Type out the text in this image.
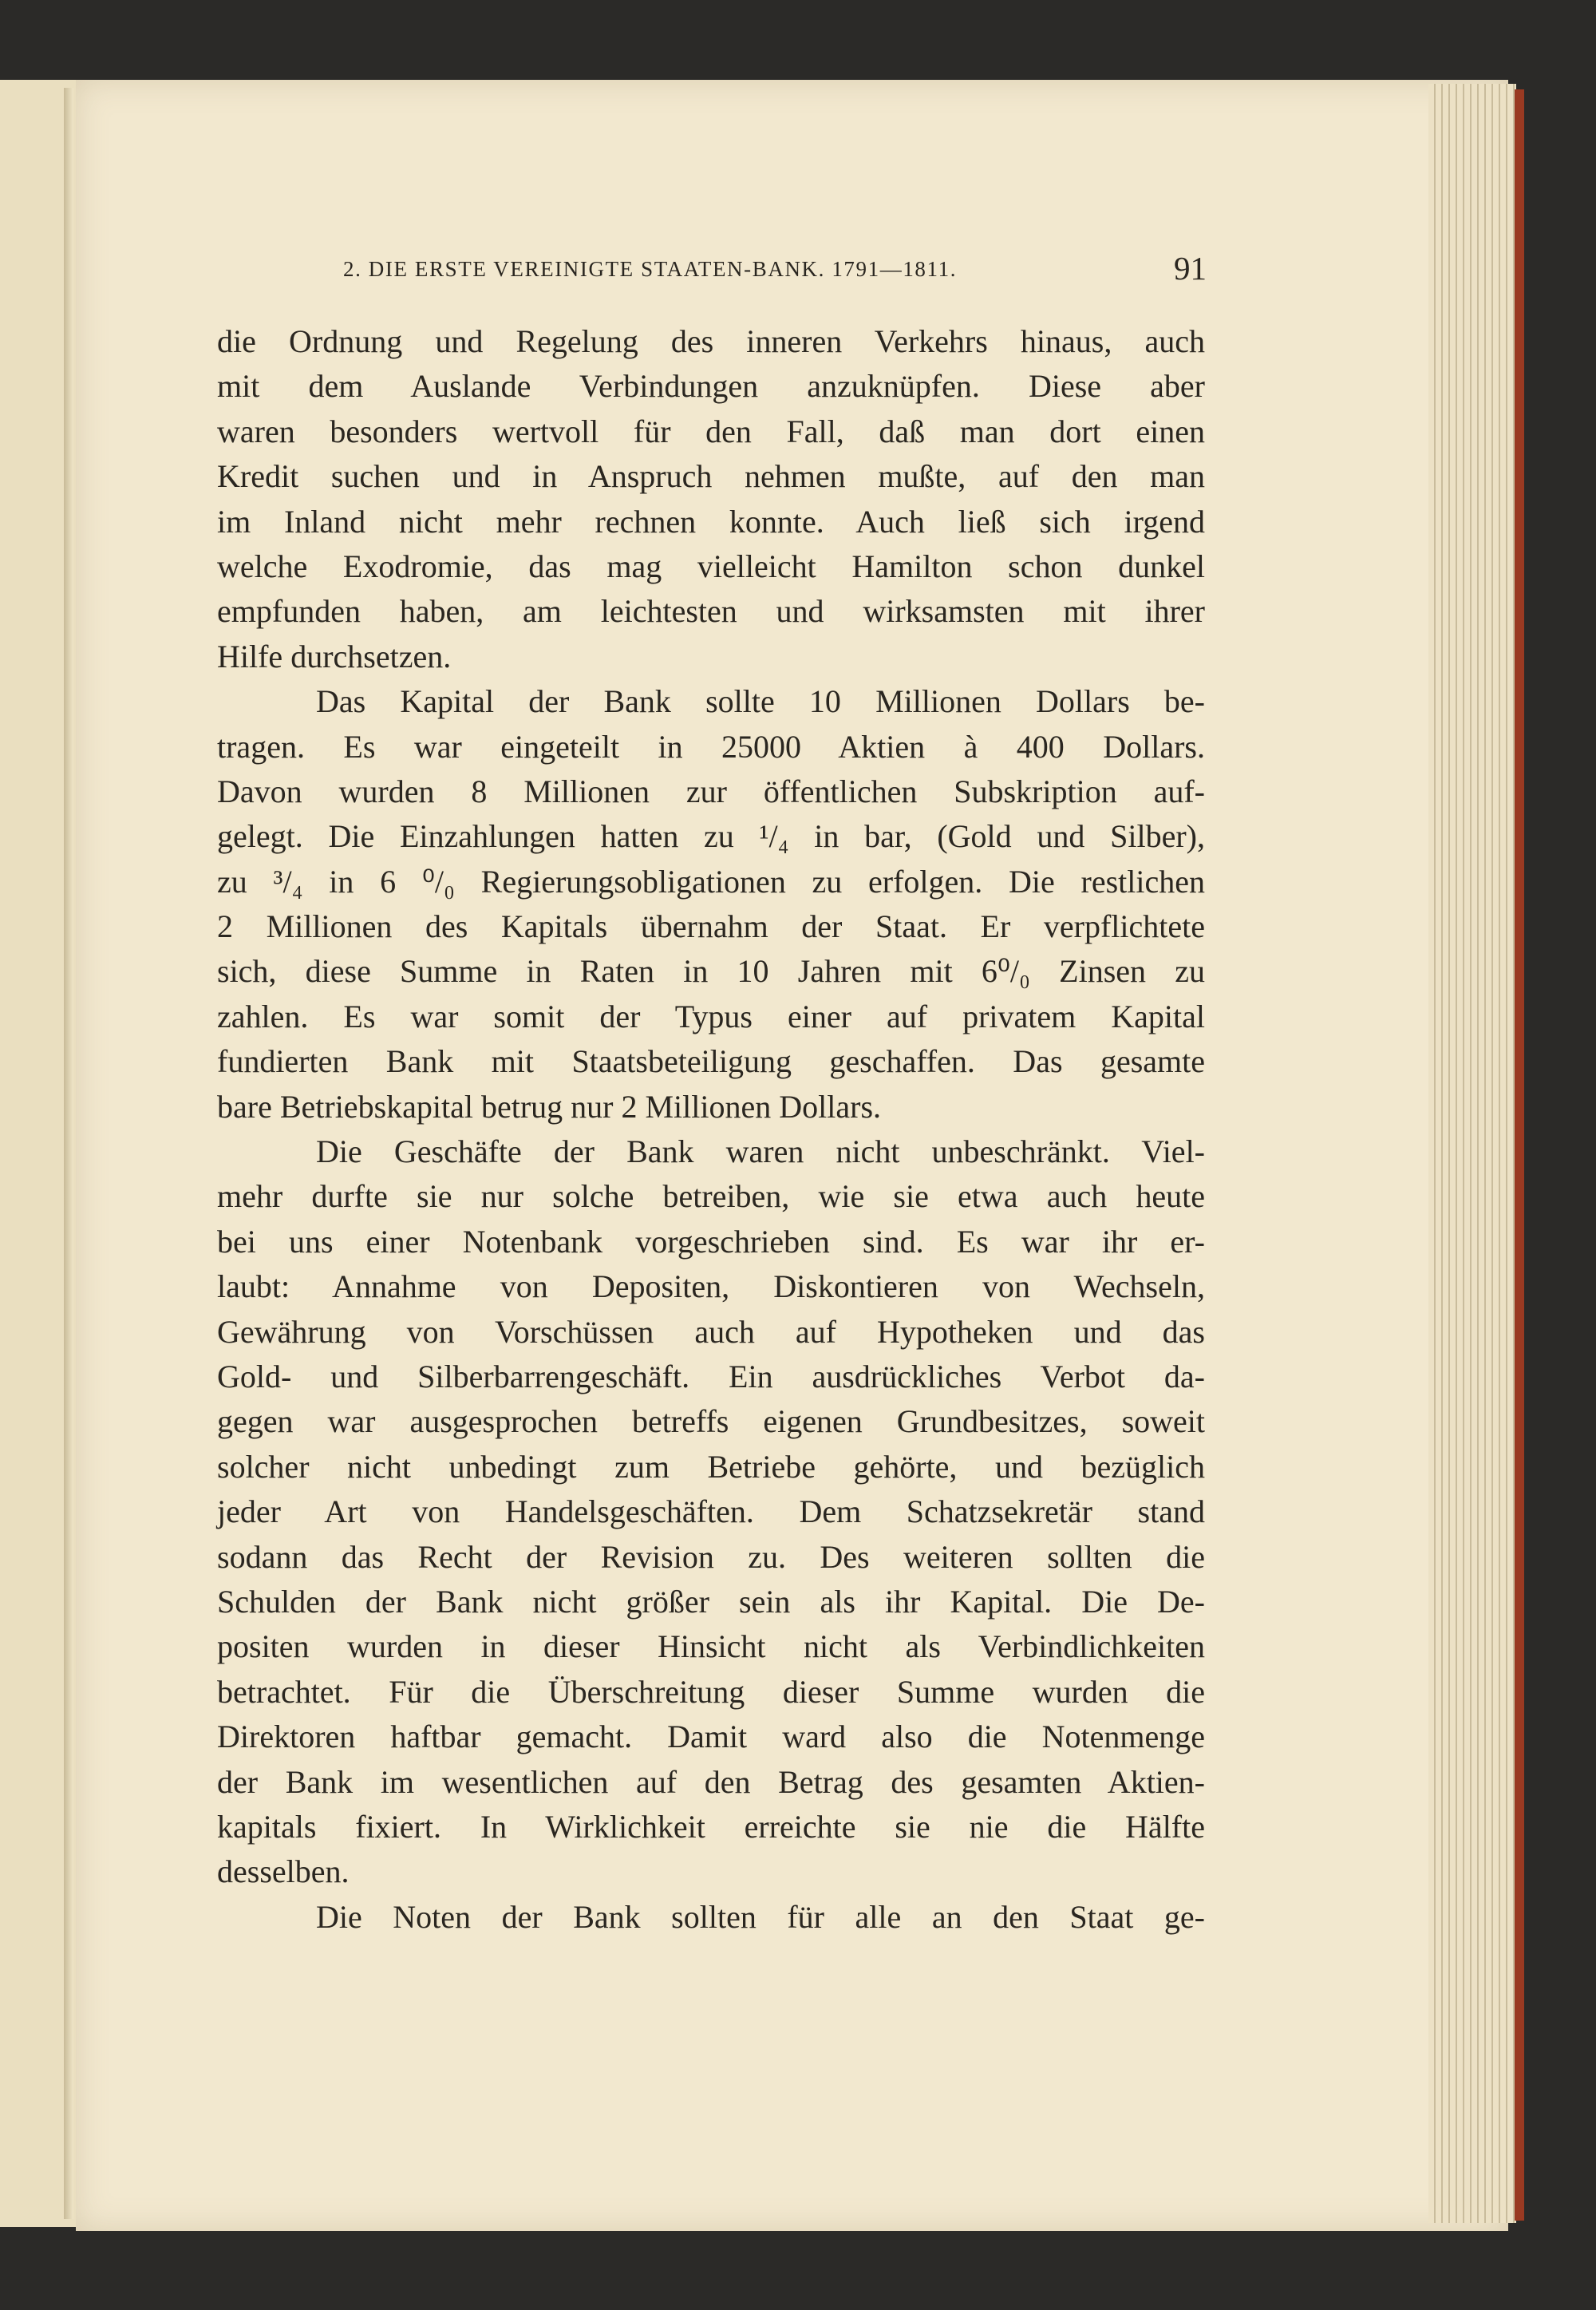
2. DIE ERSTE VEREINIGTE STAATEN-BANK. 1791—1811.	91
die Ordnung und Regelung des inneren Verkehrs hinaus, auch
mit dem Auslande Verbindungen anzuknüpfen. Diese aber
waren besonders wertvoll für den Fall, daß man dort einen
Kredit suchen und in Anspruch nehmen mußte, auf den man
im Inland nicht mehr rechnen konnte. Auch ließ sich irgend
welche Exodromie, das mag vielleicht Hamilton schon dunkel
empfunden haben, am leichtesten und wirksamsten mit ihrer
Hilfe durchsetzen.
Das Kapital der Bank sollte 10 Millionen Dollars be-
tragen. Es war eingeteilt in 25000 Aktien à 400 Dollars.
Davon wurden 8 Millionen zur öffentlichen Subskription auf-
gelegt. Die Einzahlungen hatten zu ¹/₄ in bar, (Gold und Silber),
zu ³/₄ in 6 ⁰/₀ Regierungsobligationen zu erfolgen. Die restlichen
2 Millionen des Kapitals übernahm der Staat. Er verpflichtete
sich, diese Summe in Raten in 10 Jahren mit 6⁰/₀ Zinsen zu
zahlen. Es war somit der Typus einer auf privatem Kapital
fundierten Bank mit Staatsbeteiligung geschaffen. Das gesamte
bare Betriebskapital betrug nur 2 Millionen Dollars.
Die Geschäfte der Bank waren nicht unbeschränkt. Viel-
mehr durfte sie nur solche betreiben, wie sie etwa auch heute
bei uns einer Notenbank vorgeschrieben sind. Es war ihr er-
laubt: Annahme von Depositen, Diskontieren von Wechseln,
Gewährung von Vorschüssen auch auf Hypotheken und das
Gold- und Silberbarrengeschäft. Ein ausdrückliches Verbot da-
gegen war ausgesprochen betreffs eigenen Grundbesitzes, soweit
solcher nicht unbedingt zum Betriebe gehörte, und bezüglich
jeder Art von Handelsgeschäften. Dem Schatzsekretär stand
sodann das Recht der Revision zu. Des weiteren sollten die
Schulden der Bank nicht größer sein als ihr Kapital. Die De-
positen wurden in dieser Hinsicht nicht als Verbindlichkeiten
betrachtet. Für die Überschreitung dieser Summe wurden die
Direktoren haftbar gemacht. Damit ward also die Notenmenge
der Bank im wesentlichen auf den Betrag des gesamten Aktien-
kapitals fixiert. In Wirklichkeit erreichte sie nie die Hälfte
desselben.
Die Noten der Bank sollten für alle an den Staat ge-
